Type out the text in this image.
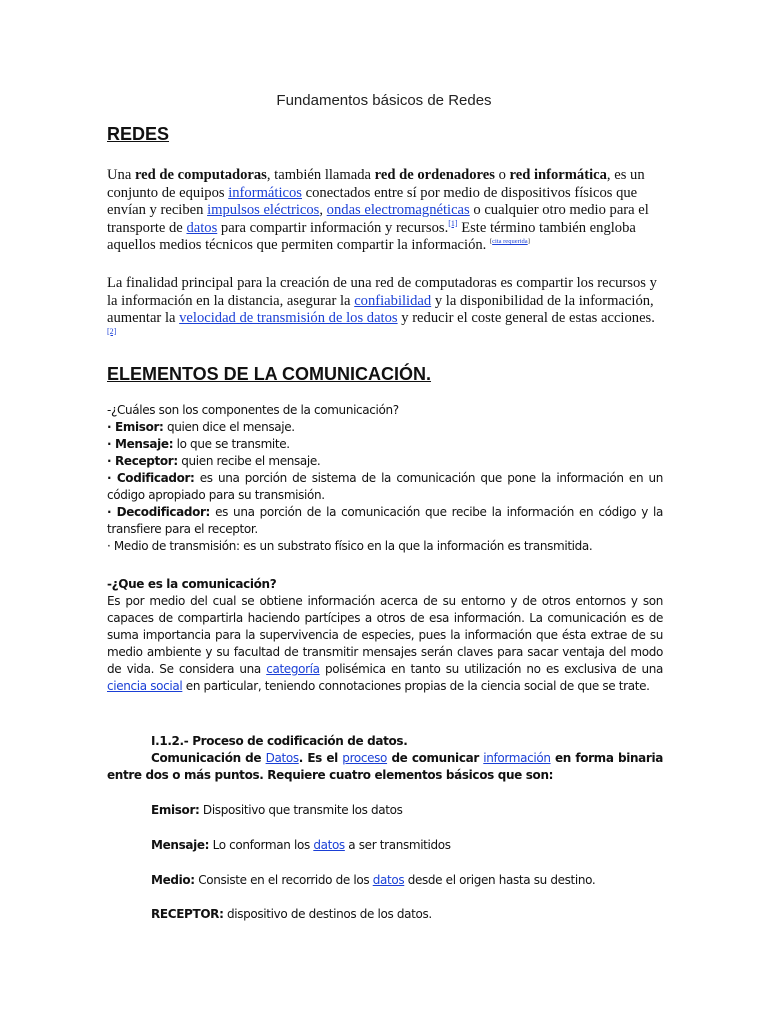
Fundamentos básicos de Redes
REDES
Una red de computadoras, también llamada red de ordenadores o red informática, es un conjunto de equipos informáticos conectados entre sí por medio de dispositivos físicos que envían y reciben impulsos eléctricos, ondas electromagnéticas o cualquier otro medio para el transporte de datos para compartir información y recursos.[1] Este término también engloba aquellos medios técnicos que permiten compartir la información. [cita requerida]
La finalidad principal para la creación de una red de computadoras es compartir los recursos y la información en la distancia, asegurar la confiabilidad y la disponibilidad de la información, aumentar la velocidad de transmisión de los datos y reducir el coste general de estas acciones.[2]
ELEMENTOS DE LA COMUNICACIÓN.
-¿Cuáles son los componentes de la comunicación?
· Emisor: quien dice el mensaje.
· Mensaje: lo que se transmite.
· Receptor: quien recibe el mensaje.
· Codificador: es una porción de sistema de la comunicación que pone la información en un código apropiado para su transmisión.
· Decodificador: es una porción de la comunicación que recibe la información en código y la transfiere para el receptor.
· Medio de transmisión: es un substrato físico en la que la información es transmitida.
-¿Que es la comunicación?
Es por medio del cual se obtiene información acerca de su entorno y de otros entornos y son capaces de compartirla haciendo partícipes a otros de esa información. La comunicación es de suma importancia para la supervivencia de especies, pues la información que ésta extrae de su medio ambiente y su facultad de transmitir mensajes serán claves para sacar ventaja del modo de vida. Se considera una categoría polisémica en tanto su utilización no es exclusiva de una ciencia social en particular, teniendo connotaciones propias de la ciencia social de que se trate.
I.1.2.- Proceso de codificación de datos.
Comunicación de Datos. Es el proceso de comunicar información en forma binaria entre dos o más puntos. Requiere cuatro elementos básicos que son:
Emisor: Dispositivo que transmite los datos
Mensaje: Lo conforman los datos a ser transmitidos
Medio: Consiste en el recorrido de los datos desde el origen hasta su destino.
RECEPTOR: dispositivo de destinos de los datos.
